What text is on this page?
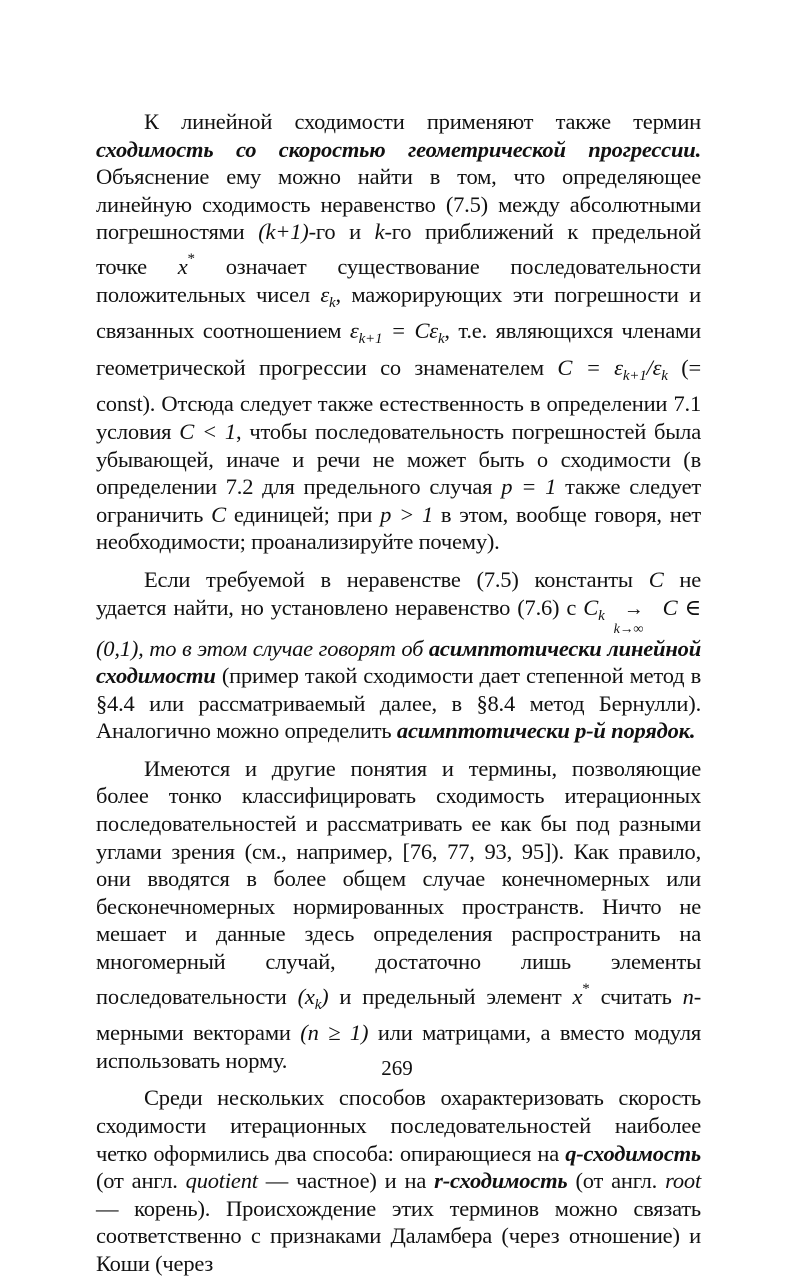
К линейной сходимости применяют также термин сходимость со скоростью геометрической прогрессии. Объяснение ему можно найти в том, что определяющее линейную сходимость неравенство (7.5) между абсолютными погрешностями (k+1)-го и k-го приближений к предельной точке x* означает существование последовательности положительных чисел $\varepsilon_k$, мажорирующих эти погрешности и связанных соотношением $\varepsilon_{k+1} = C\varepsilon_k$, т.е. являющихся членами геометрической прогрессии со знаменателем $C = \varepsilon_{k+1}/\varepsilon_k$ (= const). Отсюда следует также естественность в определении 7.1 условия C < 1, чтобы последовательность погрешностей была убывающей, иначе и речи не может быть о сходимости (в определении 7.2 для предельного случая p = 1 также следует ограничить C единицей; при p > 1 в этом, вообще говоря, нет необходимости; проанализируйте почему).

Если требуемой в неравенстве (7.5) константы C не удается найти, но установлено неравенство (7.6) с $C_k$ →
k→∞
C ∈ (0,1), то в этом случае говорят об асимптотически линейной сходимости (пример такой сходимости дает степенной метод в §4.4 или рассматриваемый далее, в §8.4 метод Бернулли). Аналогично можно определить асимптотически p-й порядок.

Имеются и другие понятия и термины, позволяющие более тонко классифицировать сходимость итерационных последовательностей и рассматривать ее как бы под разными углами зрения (см., например, [76, 77, 93, 95]). Как правило, они вводятся в более общем случае конечномерных или бесконечномерных нормированных пространств. Ничто не мешает и данные здесь определения распространить на многомерный случай, достаточно лишь элементы последовательности $(x_k)$ и предельный элемент x* считать n-мерными векторами (n ≥ 1) или матрицами, а вместо модуля использовать норму.

Среди нескольких способов охарактеризовать скорость сходимости итерационных последовательностей наиболее четко оформились два способа: опирающиеся на q-сходимость (от англ. quotient — частное) и на r-сходимость (от англ. root — корень). Происхождение этих терминов можно связать соответственно с признаками Даламбера (через отношение) и Коши (через

269
